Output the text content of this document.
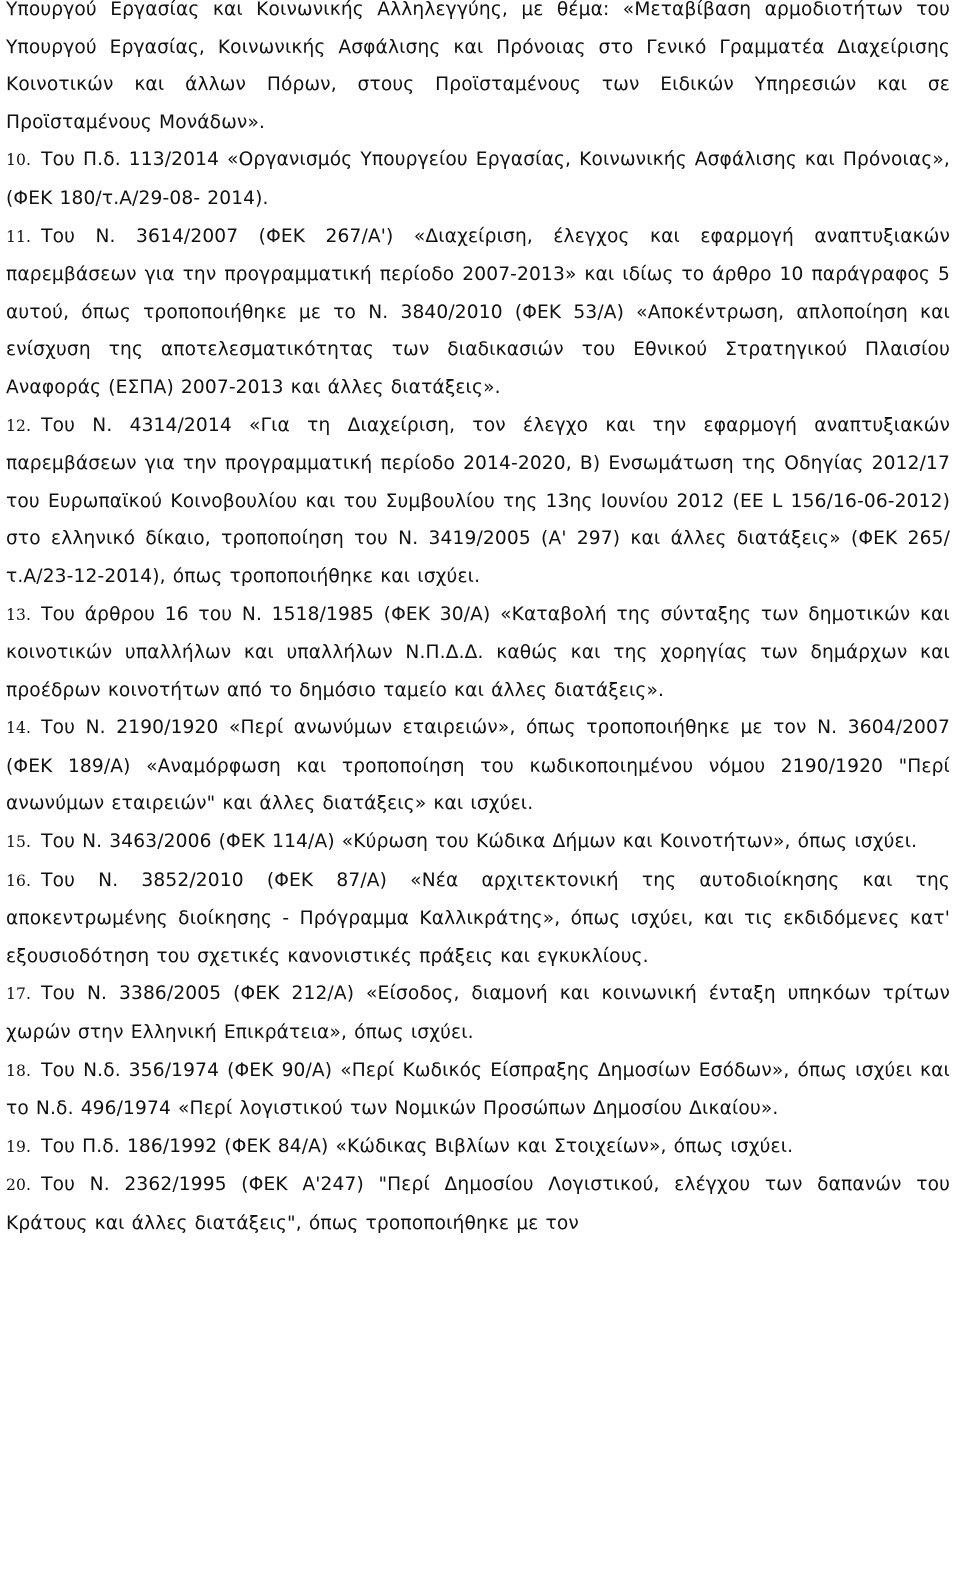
Υπουργού Εργασίας και Κοινωνικής Αλληλεγγύης, με θέμα: «Μεταβίβαση αρμοδιοτήτων του Υπουργού Εργασίας, Κοινωνικής Ασφάλισης και Πρόνοιας στο Γενικό Γραμματέα Διαχείρισης Κοινοτικών και άλλων Πόρων, στους Προϊσταμένους των Ειδικών Υπηρεσιών και σε Προϊσταμένους Μονάδων».

10. Του Π.δ. 113/2014 «Οργανισμός Υπουργείου Εργασίας, Κοινωνικής Ασφάλισης και Πρόνοιας», (ΦΕΚ 180/τ.Α/29-08- 2014).

11. Του Ν. 3614/2007 (ΦΕΚ 267/Α') «Διαχείριση, έλεγχος και εφαρμογή αναπτυξιακών παρεμβάσεων για την προγραμματική περίοδο 2007-2013» και ιδίως το άρθρο 10 παράγραφος 5 αυτού, όπως τροποποιήθηκε με το Ν. 3840/2010 (ΦΕΚ 53/Α) «Αποκέντρωση, απλοποίηση και ενίσχυση της αποτελεσματικότητας των διαδικασιών του Εθνικού Στρατηγικού Πλαισίου Αναφοράς (ΕΣΠΑ) 2007-2013 και άλλες διατάξεις».

12. Του Ν. 4314/2014 «Για τη Διαχείριση, τον έλεγχο και την εφαρμογή αναπτυξιακών παρεμβάσεων για την προγραμματική περίοδο 2014-2020, Β) Ενσωμάτωση της Οδηγίας 2012/17 του Ευρωπαϊκού Κοινοβουλίου και του Συμβουλίου της 13ης Ιουνίου 2012 (ΕΕ L 156/16-06-2012) στο ελληνικό δίκαιο, τροποποίηση του Ν. 3419/2005 (Α' 297) και άλλες διατάξεις» (ΦΕΚ 265/τ.Α/23-12-2014), όπως τροποποιήθηκε και ισχύει.

13. Του άρθρου 16 του Ν. 1518/1985 (ΦΕΚ 30/Α) «Καταβολή της σύνταξης των δημοτικών και κοινοτικών υπαλλήλων και υπαλλήλων Ν.Π.Δ.Δ. καθώς και της χορηγίας των δημάρχων και προέδρων κοινοτήτων από το δημόσιο ταμείο και άλλες διατάξεις».

14. Του Ν. 2190/1920 «Περί ανωνύμων εταιρειών», όπως τροποποιήθηκε με τον Ν. 3604/2007 (ΦΕΚ 189/Α) «Αναμόρφωση και τροποποίηση του κωδικοποιημένου νόμου 2190/1920 "Περί ανωνύμων εταιρειών" και άλλες διατάξεις» και ισχύει.

15. Του Ν. 3463/2006 (ΦΕΚ 114/Α) «Κύρωση του Κώδικα Δήμων και Κοινοτήτων», όπως ισχύει.

16. Του Ν. 3852/2010 (ΦΕΚ 87/Α) «Νέα αρχιτεκτονική της αυτοδιοίκησης και της αποκεντρωμένης διοίκησης - Πρόγραμμα Καλλικράτης», όπως ισχύει, και τις εκδιδόμενες κατ' εξουσιοδότηση του σχετικές κανονιστικές πράξεις και εγκυκλίους.

17. Του Ν. 3386/2005 (ΦΕΚ 212/Α) «Είσοδος, διαμονή και κοινωνική ένταξη υπηκόων τρίτων χωρών στην Ελληνική Επικράτεια», όπως ισχύει.

18. Του Ν.δ. 356/1974 (ΦΕΚ 90/Α) «Περί Κωδικός Είσπραξης Δημοσίων Εσόδων», όπως ισχύει και το Ν.δ. 496/1974 «Περί λογιστικού των Νομικών Προσώπων Δημοσίου Δικαίου».

19. Του Π.δ. 186/1992 (ΦΕΚ 84/Α) «Κώδικας Βιβλίων και Στοιχείων», όπως ισχύει.

20. Του Ν. 2362/1995 (ΦΕΚ Α'247) "Περί Δημοσίου Λογιστικού, ελέγχου των δαπανών του Κράτους και άλλες διατάξεις", όπως τροποποιήθηκε με τον
